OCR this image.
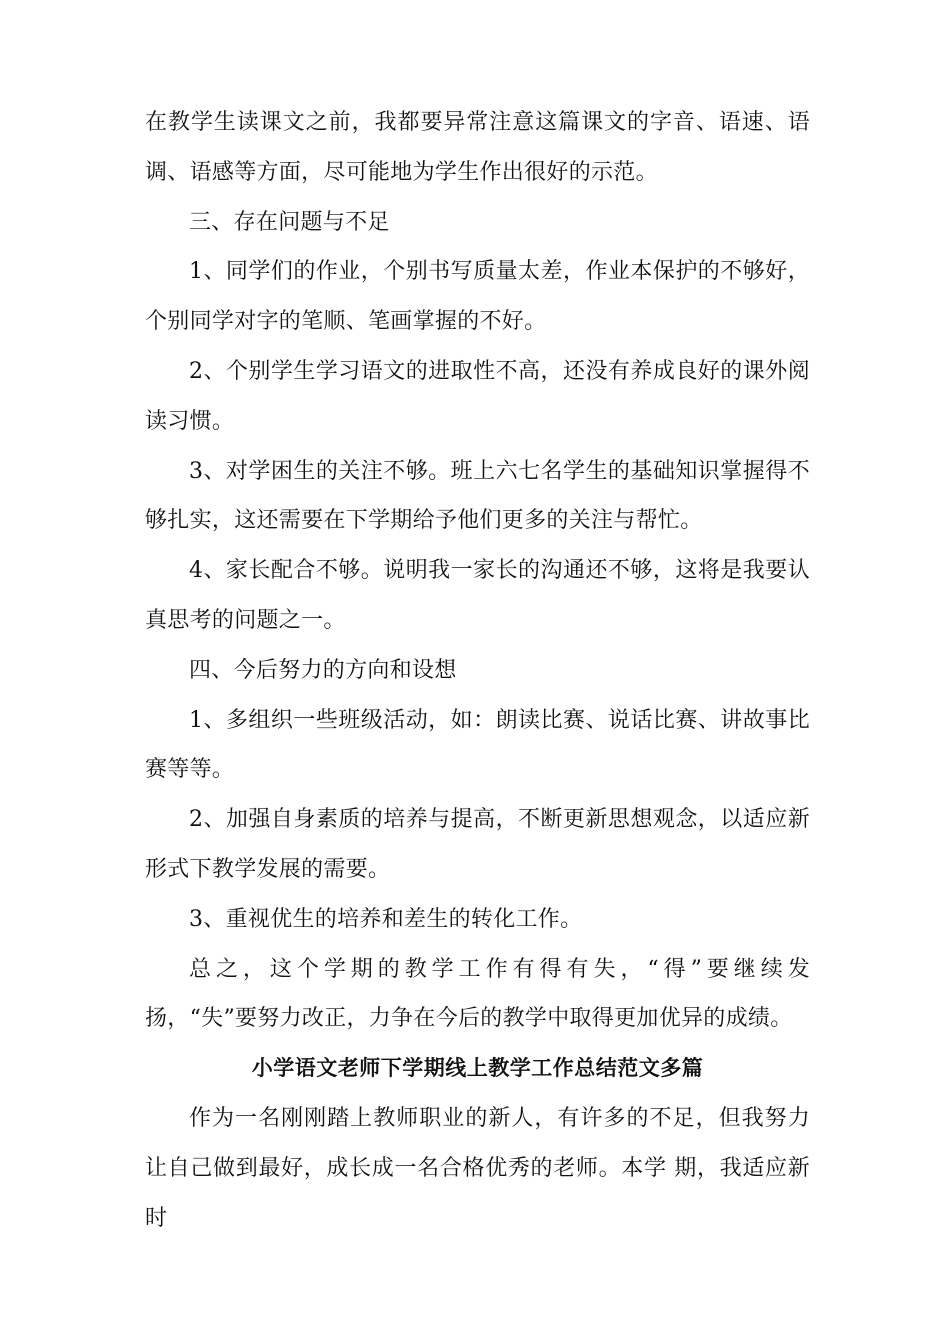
在教学生读课文之前，我都要异常注意这篇课文的字音、语速、语调、语感等方面，尽可能地为学生作出很好的示范。

三、存在问题与不足

1、同学们的作业，个别书写质量太差，作业本保护的不够好，个别同学对字的笔顺、笔画掌握的不好。

2、个别学生学习语文的进取性不高，还没有养成良好的课外阅读习惯。

3、对学困生的关注不够。班上六七名学生的基础知识掌握得不够扎实，这还需要在下学期给予他们更多的关注与帮忙。

4、家长配合不够。说明我一家长的沟通还不够，这将是我要认真思考的问题之一。

四、今后努力的方向和设想

1、多组织一些班级活动，如：朗读比赛、说话比赛、讲故事比赛等等。

2、加强自身素质的培养与提高，不断更新思想观念，以适应新形式下教学发展的需要。

3、重视优生的培养和差生的转化工作。

总之，这个学期的教学工作有得有失，“得”要继续发扬，“失”要努力改正，力争在今后的教学中取得更加优异的成绩。

小学语文老师下学期线上教学工作总结范文多篇

作为一名刚刚踏上教师职业的新人，有许多的不足，但我努力让自己做到最好，成长成一名合格优秀的老师。本学 期，我适应新时
